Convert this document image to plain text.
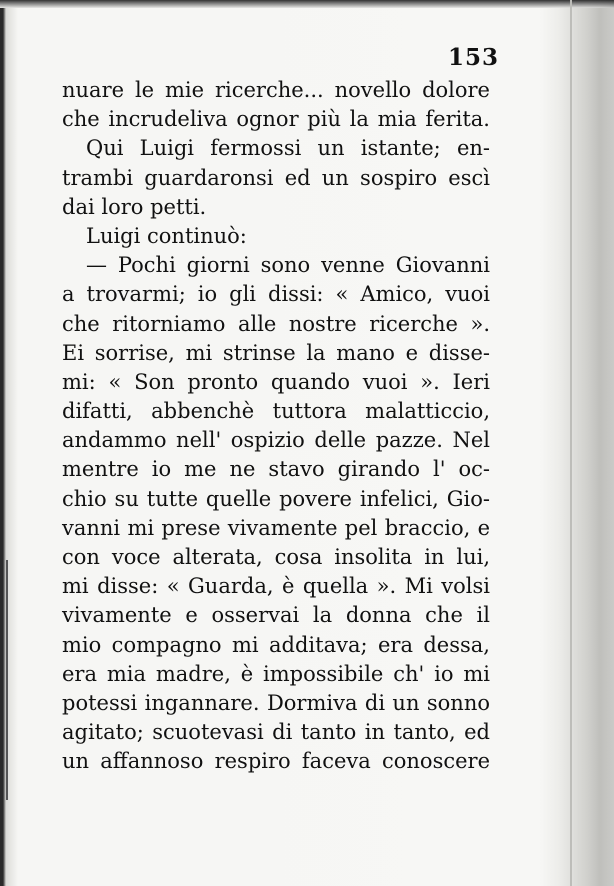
153
nuare le mie ricerche... novello dolore
che incrudeliva ognor più la mia ferita.
Qui Luigi fermossi un istante; en-
trambi guardaronsi ed un sospiro escì
dai loro petti.
Luigi continuò:
— Pochi giorni sono venne Giovanni
a trovarmi; io gli dissi: « Amico, vuoi
che ritorniamo alle nostre ricerche ».
Ei sorrise, mi strinse la mano e disse-
mi: « Son pronto quando vuoi ». Ieri
difatti, abbenchè tuttora malatticcio,
andammo nell' ospizio delle pazze. Nel
mentre io me ne stavo girando l' oc-
chio su tutte quelle povere infelici, Gio-
vanni mi prese vivamente pel braccio, e
con voce alterata, cosa insolita in lui,
mi disse: « Guarda, è quella ». Mi volsi
vivamente e osservai la donna che il
mio compagno mi additava; era dessa,
era mia madre, è impossibile ch' io mi
potessi ingannare. Dormiva di un sonno
agitato; scuotevasi di tanto in tanto, ed
un affannoso respiro faceva conoscere
